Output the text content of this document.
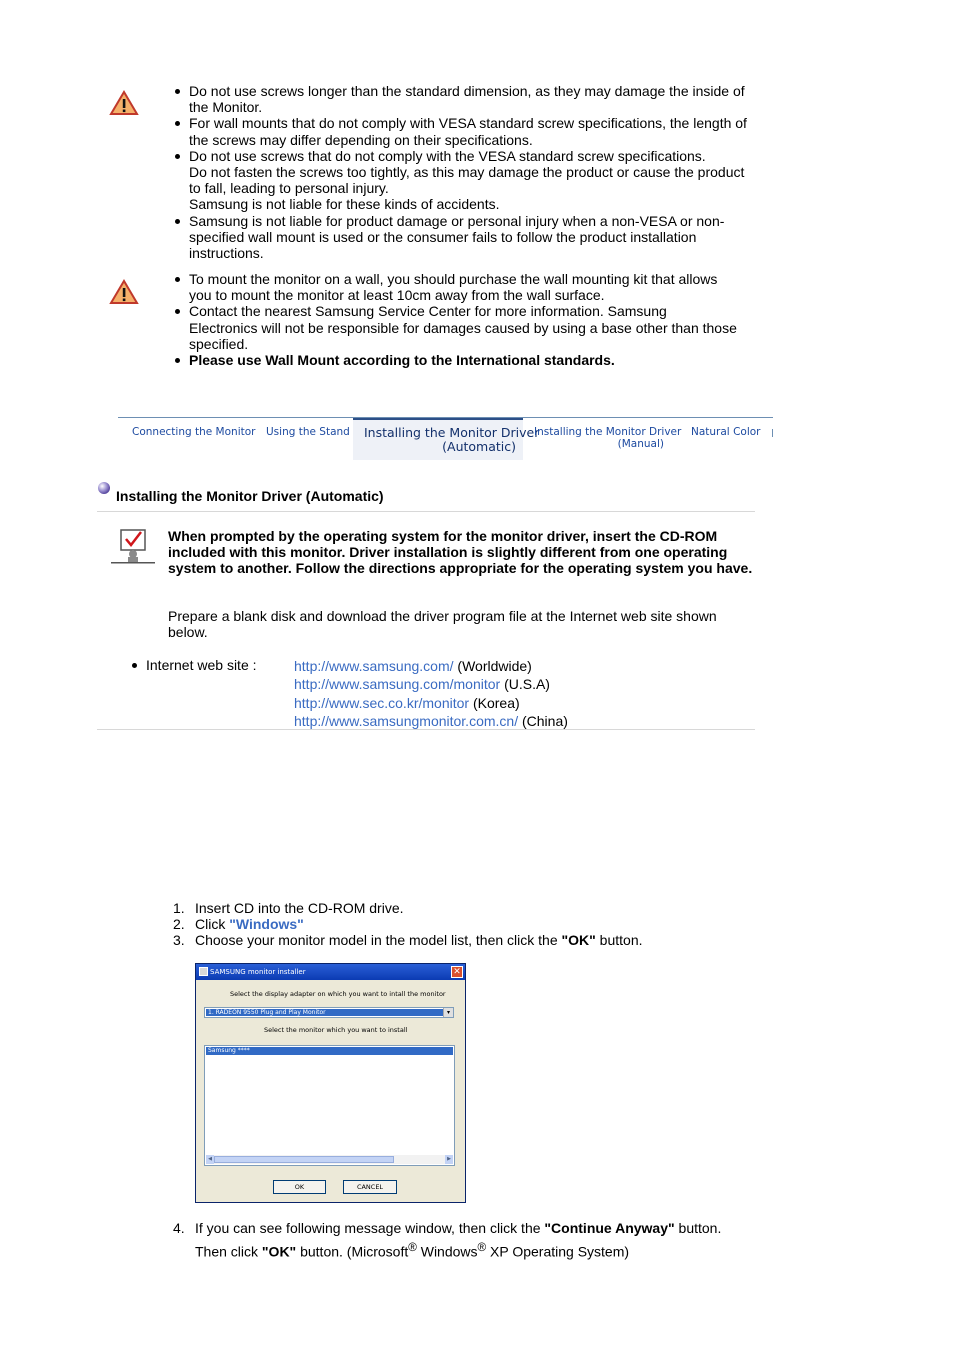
Do not use screws longer than the standard dimension, as they may damage the inside of the Monitor.
For wall mounts that do not comply with VESA standard screw specifications, the length of the screws may differ depending on their specifications.
Do not use screws that do not comply with the VESA standard screw specifications.
Do not fasten the screws too tightly, as this may damage the product or cause the product to fall, leading to personal injury.
Samsung is not liable for these kinds of accidents.
Samsung is not liable for product damage or personal injury when a non-VESA or non-specified wall mount is used or the consumer fails to follow the product installation instructions.
To mount the monitor on a wall, you should purchase the wall mounting kit that allows you to mount the monitor at least 10cm away from the wall surface.
Contact the nearest Samsung Service Center for more information. Samsung Electronics will not be responsible for damages caused by using a base other than those specified.
Please use Wall Mount according to the International standards.
Connecting the Monitor Using the Stand Installing the Monitor Driver
(Automatic)
Installing the Monitor Driver
(Manual)
Natural Color
Installing the Monitor Driver (Automatic)
When prompted by the operating system for the monitor driver, insert the CD-ROM included with this monitor. Driver installation is slightly different from one operating system to another. Follow the directions appropriate for the operating system you have.
Prepare a blank disk and download the driver program file at the Internet web site shown below.
Internet web site :	http://www.samsung.com/ (Worldwide)
http://www.samsung.com/monitor (U.S.A)
http://www.sec.co.kr/monitor (Korea)
http://www.samsungmonitor.com.cn/ (China)
1. Insert CD into the CD-ROM drive.
2. Click "Windows"
3. Choose your monitor model in the model list, then click the "OK" button.
SAMSUNG monitor installer	✕
Select the display adapter on which you want to intall the monitor
1. RADEON 9550 Plug and Play Monitor	▾
Select the monitor which you want to install
Samsung ****
◀	▶
OK	CANCEL
4. If you can see following message window, then click the "Continue Anyway" button.
Then click "OK" button. (Microsoft® Windows® XP Operating System)
